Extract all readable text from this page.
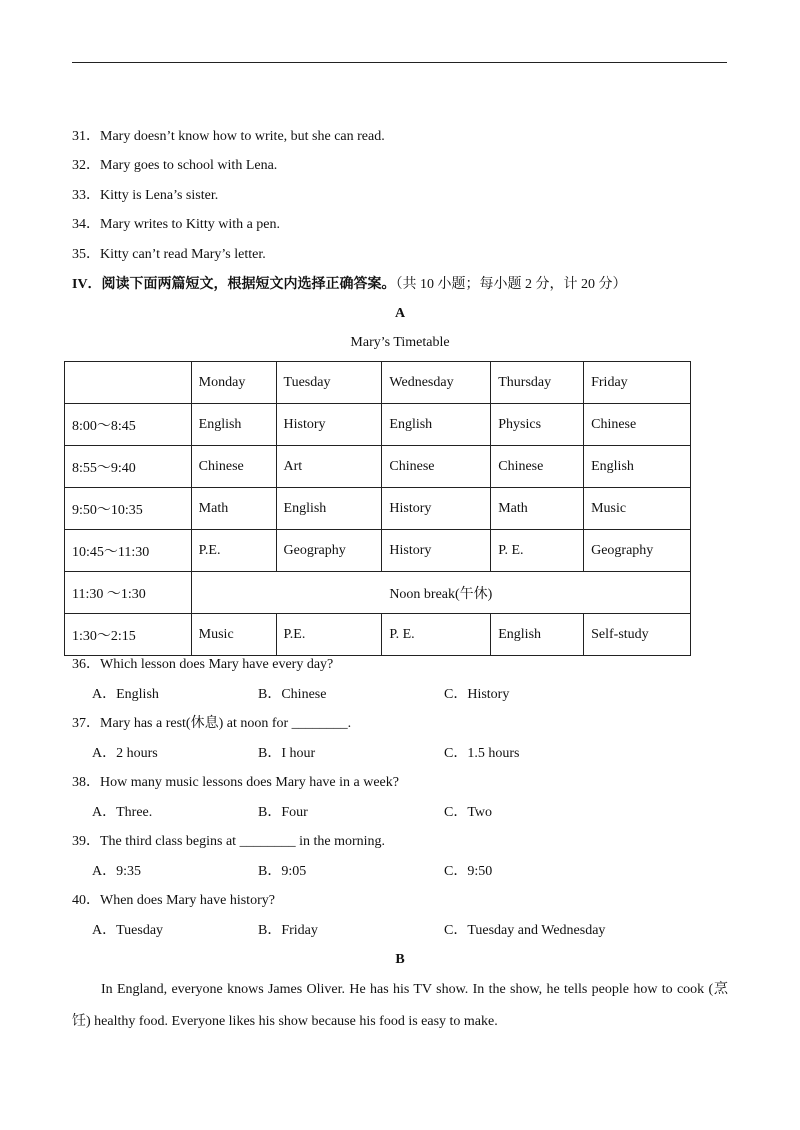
31．Mary doesn’t know how to write, but she can read.
32．Mary goes to school with Lena.
33．Kitty is Lena’s sister.
34．Mary writes to Kitty with a pen.
35．Kitty can’t read Mary’s letter.
IV．阅读下面两篇短文，根据短文内选择正确答案。（共 10 小题；每小题 2 分，计 20 分）
A
Mary’s Timetable
	Monday	Tuesday	Wednesday	Thursday	Friday
8:00～8:45	English	History	English	Physics	Chinese
8:55～9:40	Chinese	Art	Chinese	Chinese	English
9:50～10:35	Math	English	History	Math	Music
10:45～11:30	P.E.	Geography	History	P. E.	Geography
11:30 ～1:30	Noon break(午休)				
1:30～2:15	Music	P.E.	P. E.	English	Self-study
36．Which lesson does Mary have every day?
A．English	B．Chinese	C．History
37．Mary has a rest(休息) at noon for ________.
A．2 hours	B．I hour	C．1.5 hours
38．How many music lessons does Mary have in a week?
A．Three.	B．Four	C．Two
39．The third class begins at ________ in the morning.
A．9:35	B．9:05	C．9:50
40．When does Mary have history?
A．Tuesday	B．Friday	C．Tuesday and Wednesday
B
In England, everyone knows James Oliver. He has his TV show. In the show, he tells people how to cook (烹饪) healthy food. Everyone likes his show because his food is easy to make.
